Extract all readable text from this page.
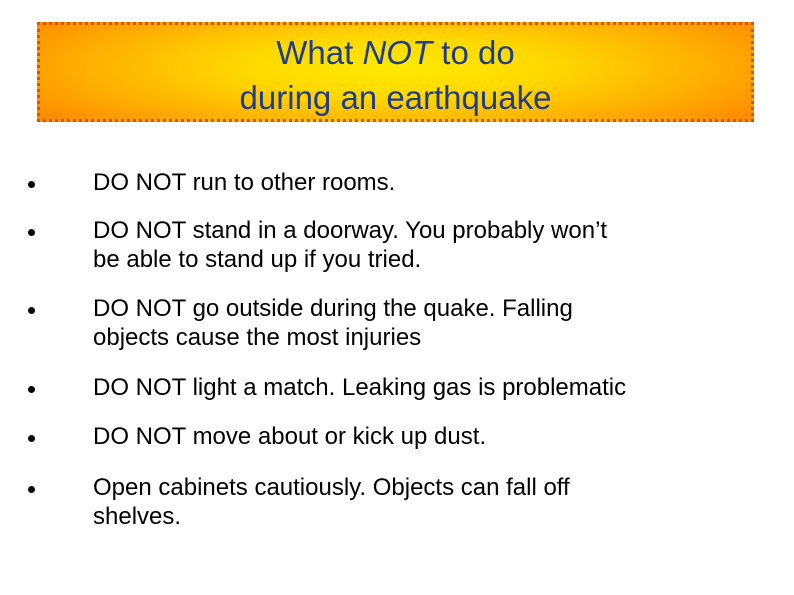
What NOT to do
during an earthquake
DO NOT run to other rooms.
DO NOT stand in a doorway. You probably won’t
be able to stand up if you tried.
DO NOT go outside during the quake. Falling
objects cause the most injuries
DO NOT light a match. Leaking gas is problematic
DO NOT move about or kick up dust.
Open cabinets cautiously. Objects can fall off
shelves.
